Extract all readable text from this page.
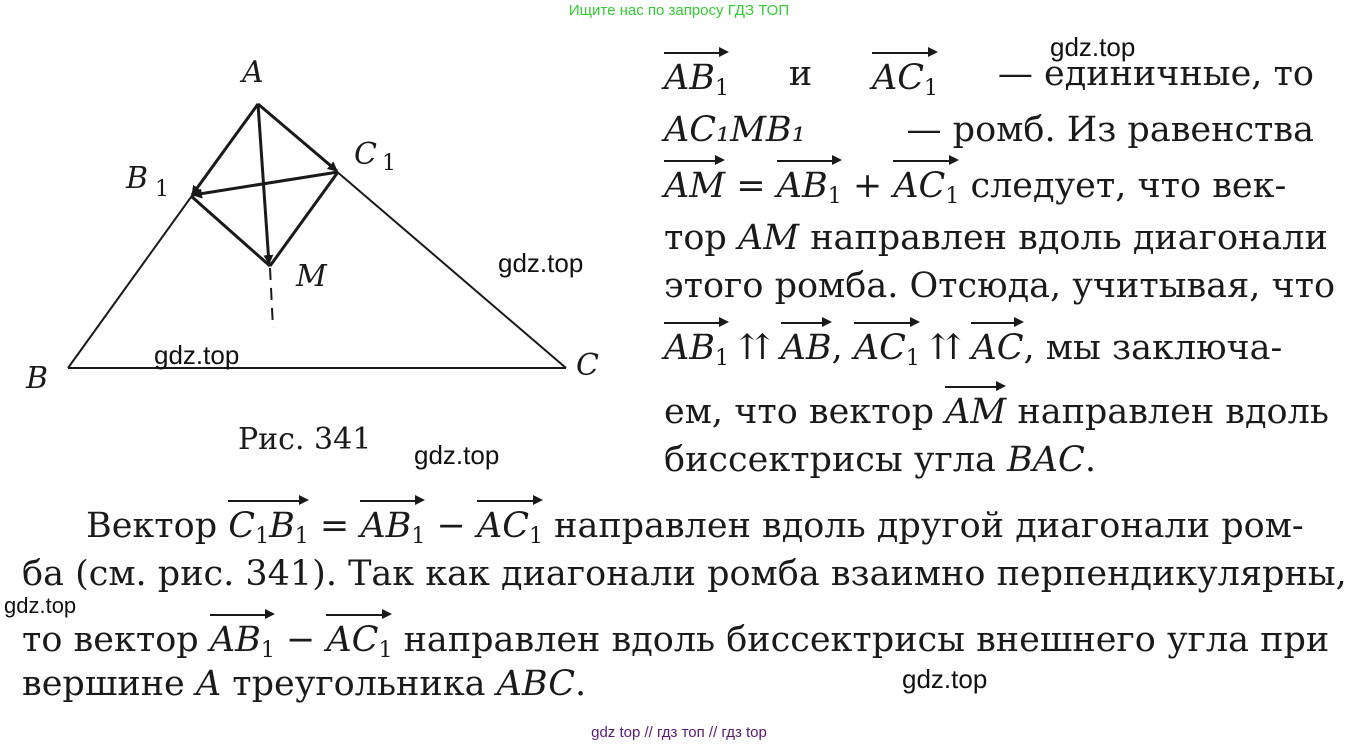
Ищите нас по запросу ГДЗ ТОП
A
B	C
B 1
C 1
M
Рис. 341
gdz.top
gdz.top
gdz.top
gdz.top
gdz.top
gdz.top
$AB_1$ и $AC_1$ — единичные, то
AC₁MB₁	— ромб. Из равенства
AM = $AB_1 + AC_1$ следует, что век-
тор AM направлен вдоль диагонали
этого ромба. Отсюда, учитывая, что
$AB_1$ ⇈ AB, $AC_1$ ⇈ AC, мы заключа-
ем, что вектор AM направлен вдоль
биссектрисы угла BAC.
Вектор $C_1B_1 = AB_1 - AC_1$ направлен вдоль другой диагонали ром-
ба (см. рис. 341). Так как диагонали ромба взаимно перпендикулярны,
то вектор $AB_1 - AC_1$ направлен вдоль биссектрисы внешнего угла при
вершине A треугольника ABC.
gdz top // гдз топ // гдз top
